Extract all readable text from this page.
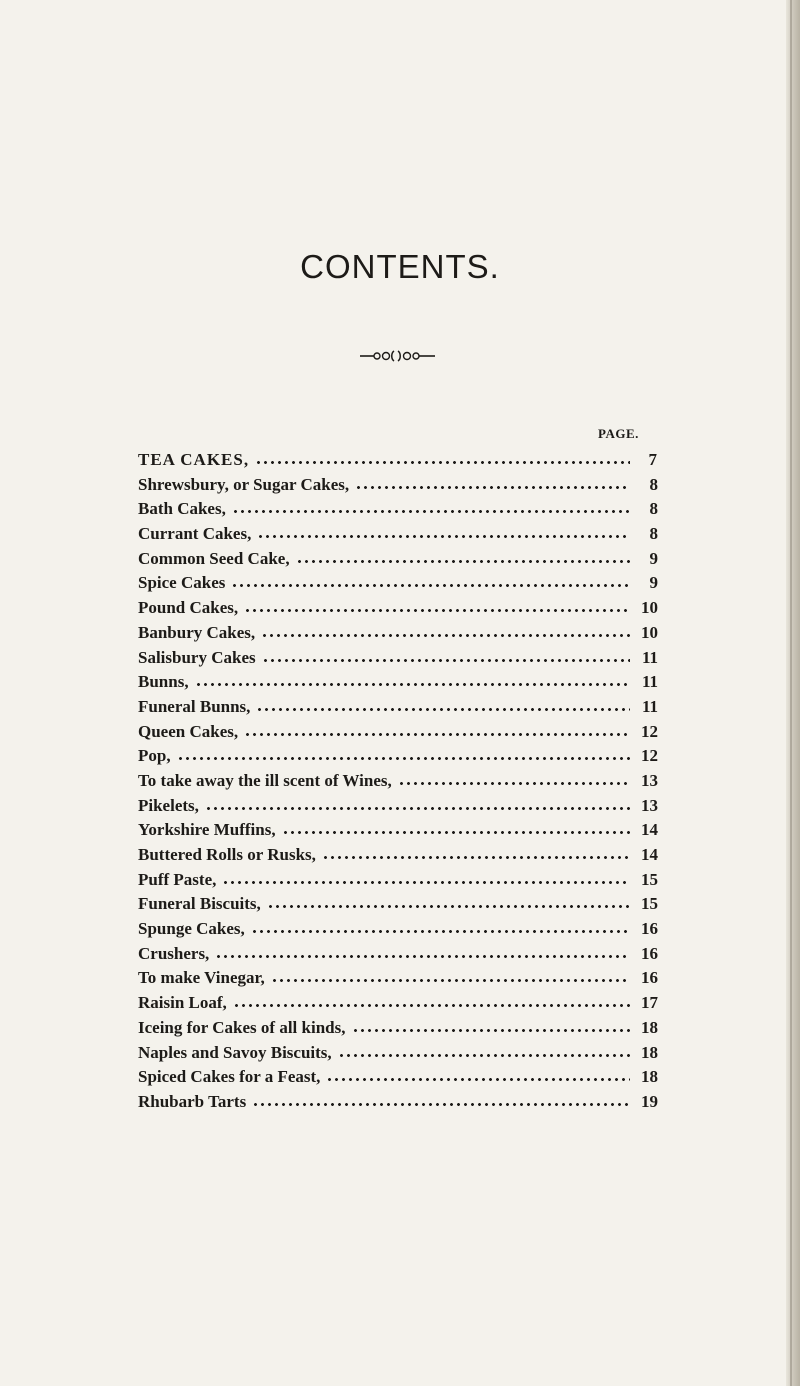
CONTENTS.
PAGE.
TEA CAKES,	7
Shrewsbury, or Sugar Cakes,	8
Bath Cakes,	8
Currant Cakes,	8
Common Seed Cake,	9
Spice Cakes	9
Pound Cakes,	10
Banbury Cakes,	10
Salisbury Cakes	11
Bunns,	11
Funeral Bunns,	11
Queen Cakes,	12
Pop,	12
To take away the ill scent of Wines,	13
Pikelets,	13
Yorkshire Muffins,	14
Buttered Rolls or Rusks,	14
Puff Paste,	15
Funeral Biscuits,	15
Spunge Cakes,	16
Crushers,	16
To make Vinegar,	16
Raisin Loaf,	17
Iceing for Cakes of all kinds,	18
Naples and Savoy Biscuits,	18
Spiced Cakes for a Feast,	18
Rhubarb Tarts	19
